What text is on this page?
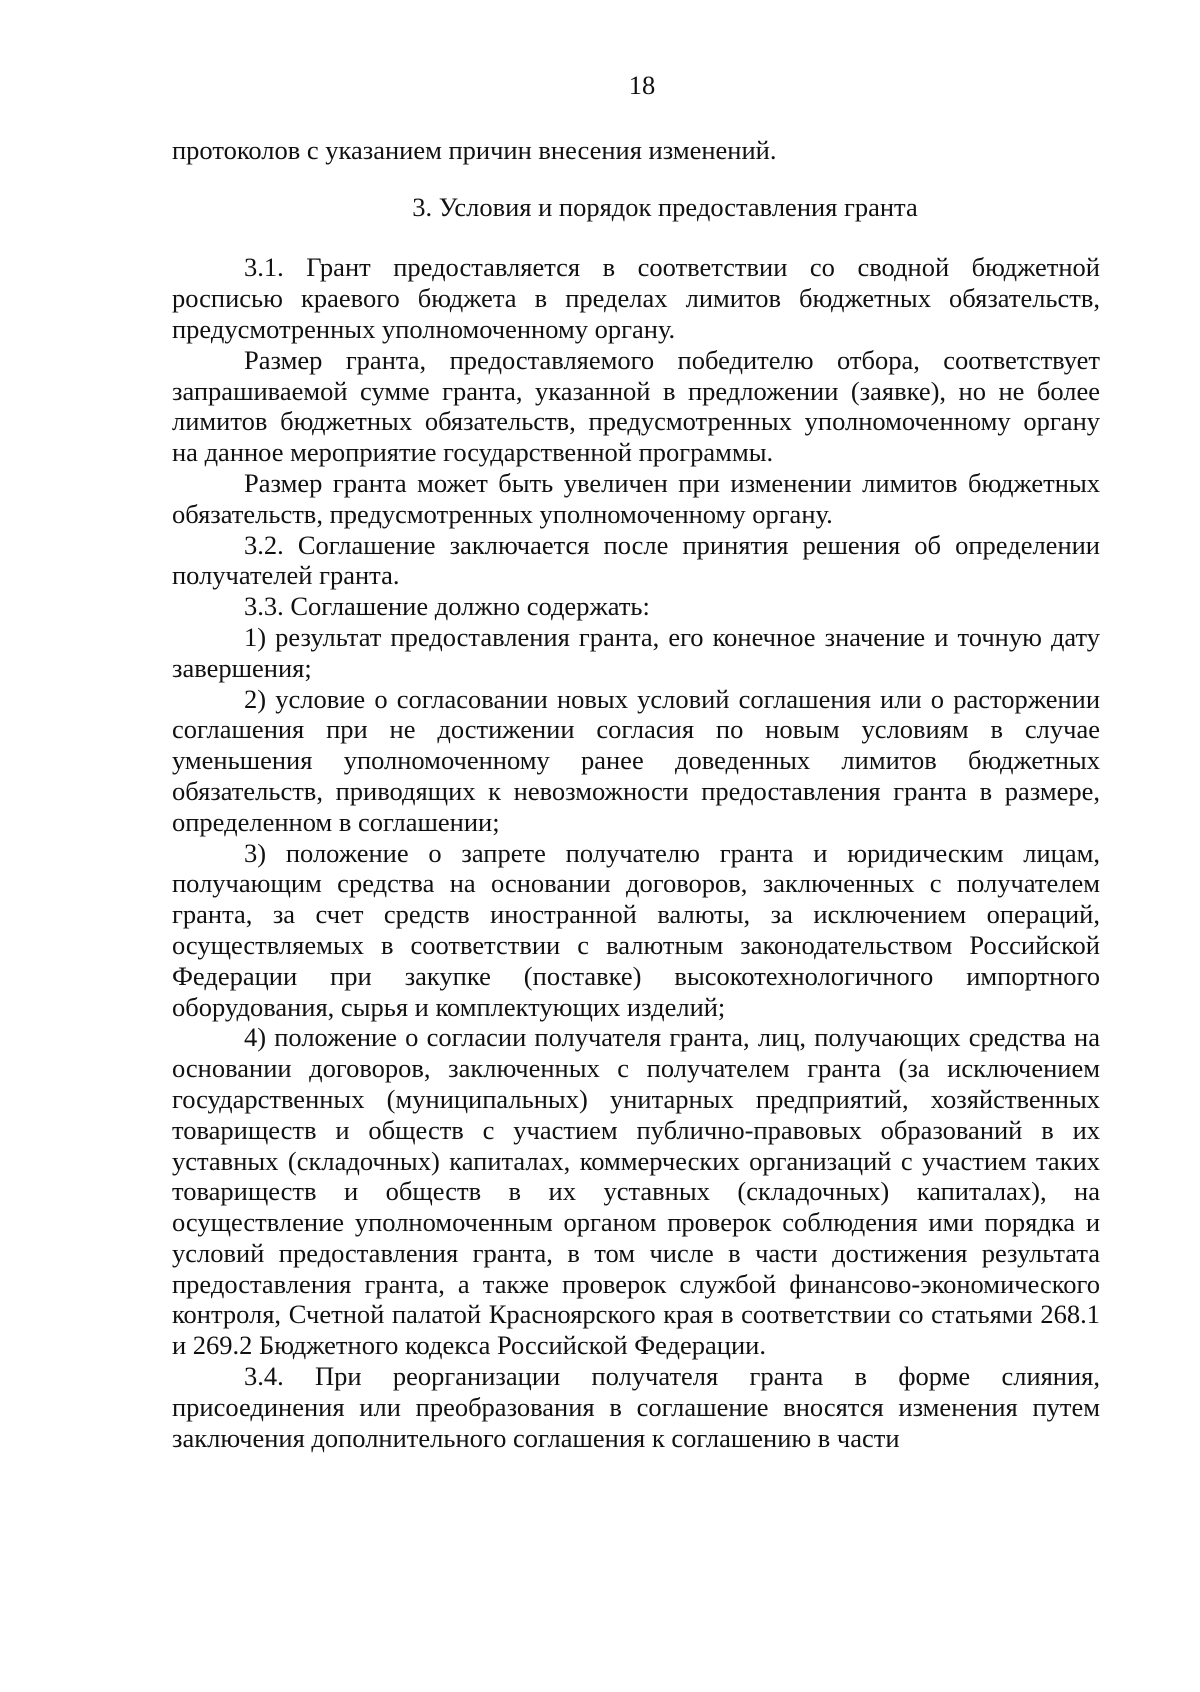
18

протоколов с указанием причин внесения изменений.

3. Условия и порядок предоставления гранта

3.1. Грант предоставляется в соответствии со сводной бюджетной росписью краевого бюджета в пределах лимитов бюджетных обязательств, предусмотренных уполномоченному органу.

Размер гранта, предоставляемого победителю отбора, соответствует запрашиваемой сумме гранта, указанной в предложении (заявке), но не более лимитов бюджетных обязательств, предусмотренных уполномоченному органу на данное мероприятие государственной программы.

Размер гранта может быть увеличен при изменении лимитов бюджетных обязательств, предусмотренных уполномоченному органу.

3.2. Соглашение заключается после принятия решения об определении получателей гранта.

3.3. Соглашение должно содержать:

1) результат предоставления гранта, его конечное значение и точную дату завершения;

2) условие о согласовании новых условий соглашения или о расторжении соглашения при не достижении согласия по новым условиям в случае уменьшения уполномоченному ранее доведенных лимитов бюджетных обязательств, приводящих к невозможности предоставления гранта в размере, определенном в соглашении;

3) положение о запрете получателю гранта и юридическим лицам, получающим средства на основании договоров, заключенных с получателем гранта, за счет средств иностранной валюты, за исключением операций, осуществляемых в соответствии с валютным законодательством Российской Федерации при закупке (поставке) высокотехнологичного импортного оборудования, сырья и комплектующих изделий;

4) положение о согласии получателя гранта, лиц, получающих средства на основании договоров, заключенных с получателем гранта (за исключением государственных (муниципальных) унитарных предприятий, хозяйственных товариществ и обществ с участием публично-правовых образований в их уставных (складочных) капиталах, коммерческих организаций с участием таких товариществ и обществ в их уставных (складочных) капиталах), на осуществление уполномоченным органом проверок соблюдения ими порядка и условий предоставления гранта, в том числе в части достижения результата предоставления гранта, а также проверок службой финансово-экономического контроля, Счетной палатой Красноярского края в соответствии со статьями 268.1 и 269.2 Бюджетного кодекса Российской Федерации.

3.4. При реорганизации получателя гранта в форме слияния, присоединения или преобразования в соглашение вносятся изменения путем заключения дополнительного соглашения к соглашению в части
